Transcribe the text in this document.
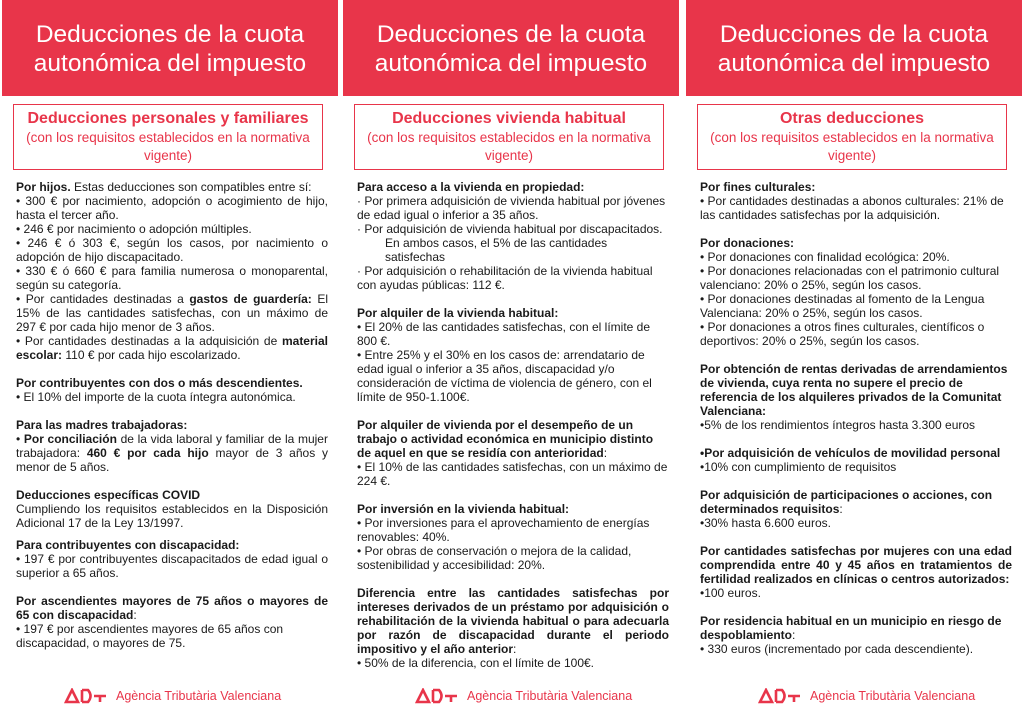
Deducciones de la cuota autonómica del impuesto
Deducciones personales y familiares
(con los requisitos establecidos en la normativa vigente)

Por hijos. Estas deducciones son compatibles entre sí:

• 300 € por nacimiento, adopción o acogimiento de hijo, hasta el tercer año.

• 246 € por nacimiento o adopción múltiples.

• 246 € ó 303 €, según los casos, por nacimiento o adopción de hijo discapacitado.

• 330 € ó 660 € para familia numerosa o monoparental, según su categoría.

• Por cantidades destinadas a gastos de guardería: El 15% de las cantidades satisfechas, con un máximo de 297 € por cada hijo menor de 3 años.

• Por cantidades destinadas a la adquisición de material escolar: 110 € por cada hijo escolarizado.

Por contribuyentes con dos o más descendientes.

• El 10% del importe de la cuota íntegra autonómica.

Para las madres trabajadoras:

• Por conciliación de la vida laboral y familiar de la mujer trabajadora: 460 € por cada hijo mayor de 3 años y menor de 5 años.

Deducciones específicas COVID

Cumpliendo los requisitos establecidos en la Disposición Adicional 17 de la Ley 13/1997.

Para contribuyentes con discapacidad:

• 197 € por contribuyentes discapacitados de edad igual o superior a 65 años.

Por ascendientes mayores de 75 años o mayores de 65 con discapacidad:

• 197 € por ascendientes mayores de 65 años con discapacidad, o mayores de 75.

Agència Tributària Valenciana
Deducciones de la cuota autonómica del impuesto
Deducciones vivienda habitual
(con los requisitos establecidos en la normativa vigente)

Para acceso a la vivienda en propiedad:

· Por primera adquisición de vivienda habitual por jóvenes de edad igual o inferior a 35 años.

· Por adquisición de vivienda habitual por discapacitados.

En ambos casos, el 5% de las cantidades satisfechas

· Por adquisición o rehabilitación de la vivienda habitual con ayudas públicas: 112 €.

Por alquiler de la vivienda habitual:

• El 20% de las cantidades satisfechas, con el límite de 800 €.

• Entre 25% y el 30% en los casos de: arrendatario de edad igual o inferior a 35 años, discapacidad y/o consideración de víctima de violencia de género, con el límite de 950-1.100€.

Por alquiler de vivienda por el desempeño de un trabajo o actividad económica en municipio distinto de aquel en que se residía con anterioridad:

• El 10% de las cantidades satisfechas, con un máximo de 224 €.

Por inversión en la vivienda habitual:

• Por inversiones para el aprovechamiento de energías renovables: 40%.

• Por obras de conservación o mejora de la calidad, sostenibilidad y accesibilidad: 20%.

Diferencia entre las cantidades satisfechas por intereses derivados de un préstamo por adquisición o rehabilitación de la vivienda habitual o para adecuarla por razón de discapacidad durante el periodo impositivo y el año anterior:

• 50% de la diferencia, con el límite de 100€.

Agència Tributària Valenciana
Deducciones de la cuota autonómica del impuesto
Otras deducciones
(con los requisitos establecidos en la normativa vigente)

Por fines culturales:

• Por cantidades destinadas a abonos culturales: 21% de las cantidades satisfechas por la adquisición.

Por donaciones:

• Por donaciones con finalidad ecológica: 20%.

• Por donaciones relacionadas con el patrimonio cultural valenciano: 20% o 25%, según los casos.

• Por donaciones destinadas al fomento de la Lengua Valenciana: 20% o 25%, según los casos.

• Por donaciones a otros fines culturales, científicos o deportivos: 20% o 25%, según los casos.

Por obtención de rentas derivadas de arrendamientos de vivienda, cuya renta no supere el precio de referencia de los alquileres privados de la Comunitat Valenciana:

•5% de los rendimientos íntegros hasta 3.300 euros

•Por adquisición de vehículos de movilidad personal

•10% con cumplimiento de requisitos

Por adquisición de participaciones o acciones, con determinados requisitos:

•30% hasta 6.600 euros.

Por cantidades satisfechas por mujeres con una edad comprendida entre 40 y 45 años en tratamientos de fertilidad realizados en clínicas o centros autorizados:

•100 euros.

Por residencia habitual en un municipio en riesgo de despoblamiento:

• 330 euros (incrementado por cada descendiente).

Agència Tributària Valenciana
